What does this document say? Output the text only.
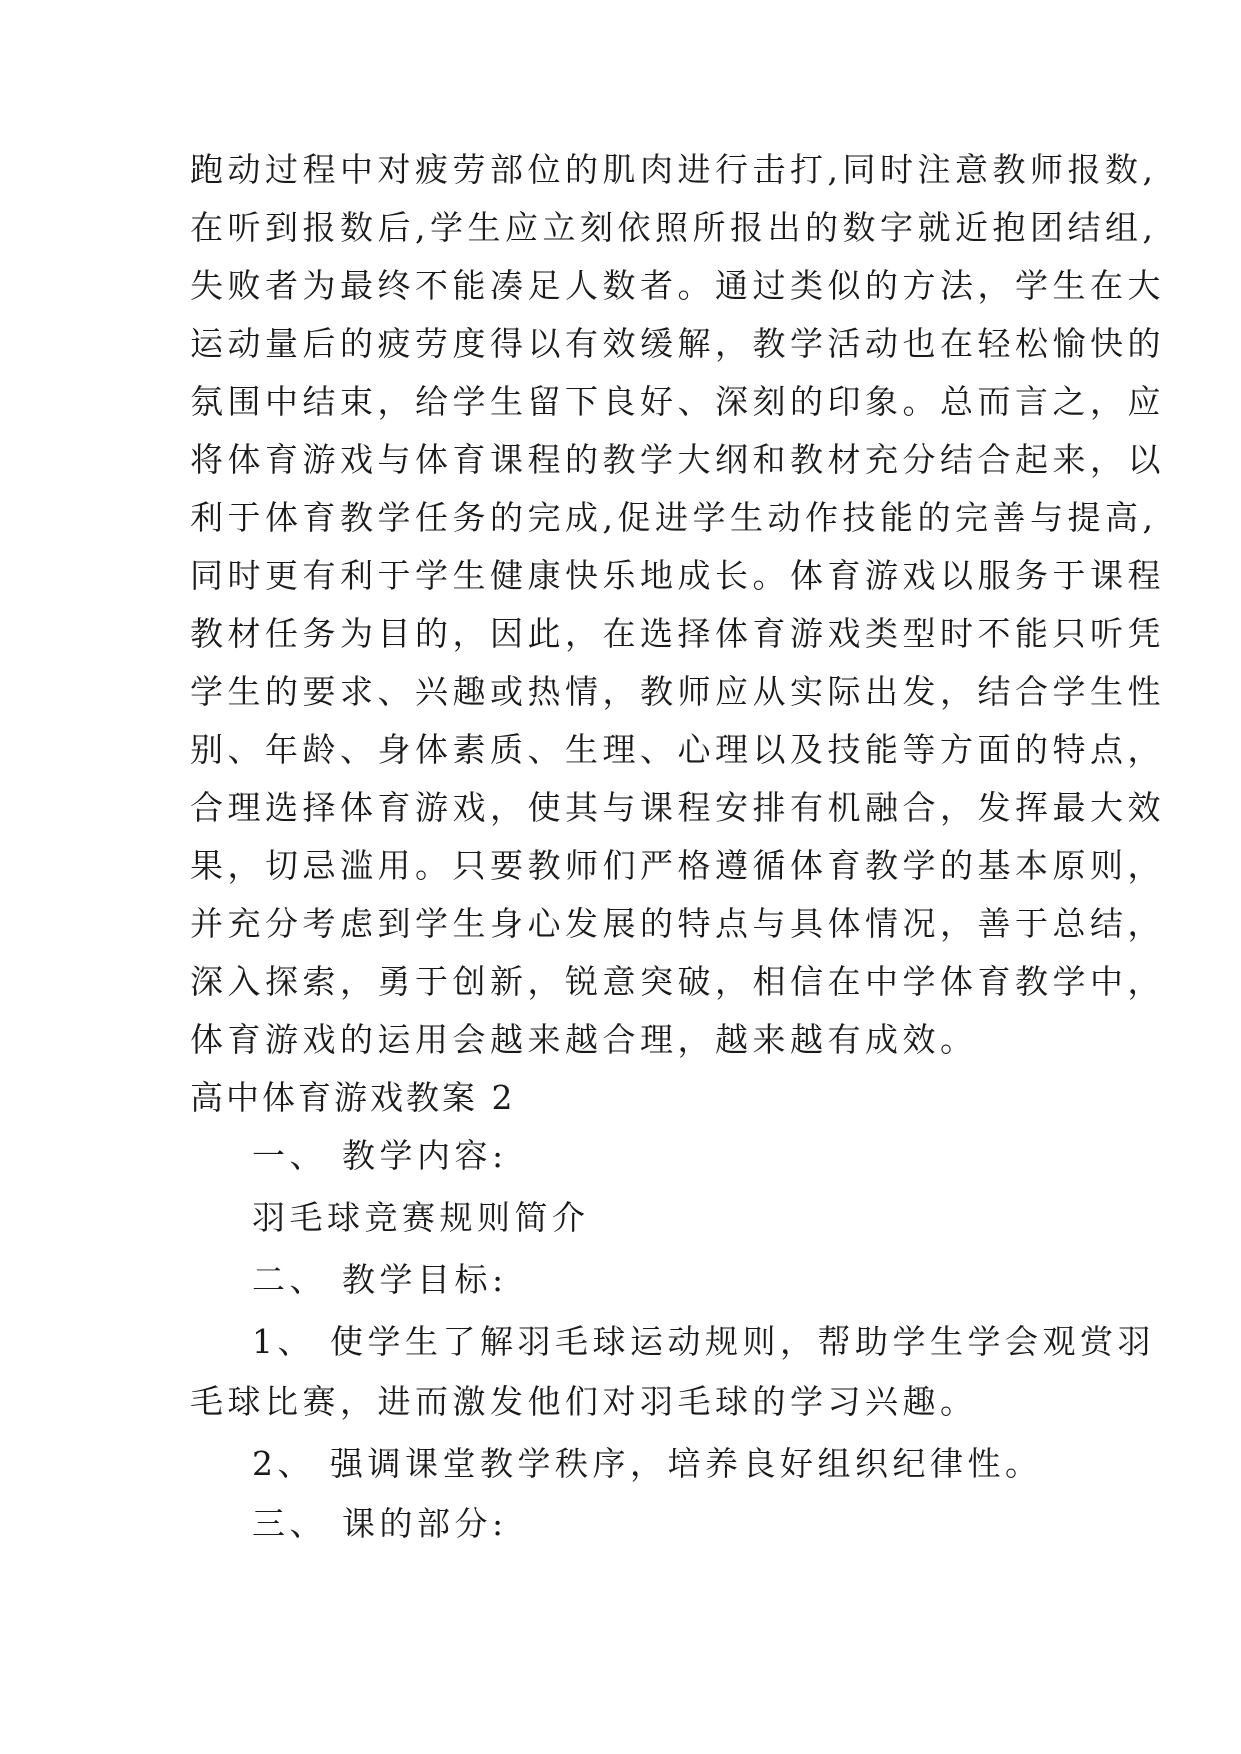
跑动过程中对疲劳部位的肌肉进行击打,同时注意教师报数,
在听到报数后,学生应立刻依照所报出的数字就近抱团结组,
失败者为最终不能凑足人数者。通过类似的方法，学生在大
运动量后的疲劳度得以有效缓解，教学活动也在轻松愉快的
氛围中结束，给学生留下良好、深刻的印象。总而言之，应
将体育游戏与体育课程的教学大纲和教材充分结合起来，以
利于体育教学任务的完成,促进学生动作技能的完善与提高,
同时更有利于学生健康快乐地成长。体育游戏以服务于课程
教材任务为目的，因此，在选择体育游戏类型时不能只听凭
学生的要求、兴趣或热情，教师应从实际出发，结合学生性
别、年龄、身体素质、生理、心理以及技能等方面的特点，
合理选择体育游戏，使其与课程安排有机融合，发挥最大效
果，切忌滥用。只要教师们严格遵循体育教学的基本原则，
并充分考虑到学生身心发展的特点与具体情况，善于总结，
深入探索，勇于创新，锐意突破，相信在中学体育教学中，
体育游戏的运用会越来越合理，越来越有成效。
高中体育游戏教案 2
一、 教学内容:
羽毛球竞赛规则简介
二、 教学目标:
1、 使学生了解羽毛球运动规则，帮助学生学会观赏羽
毛球比赛，进而激发他们对羽毛球的学习兴趣。
2、 强调课堂教学秩序，培养良好组织纪律性。
三、 课的部分:
